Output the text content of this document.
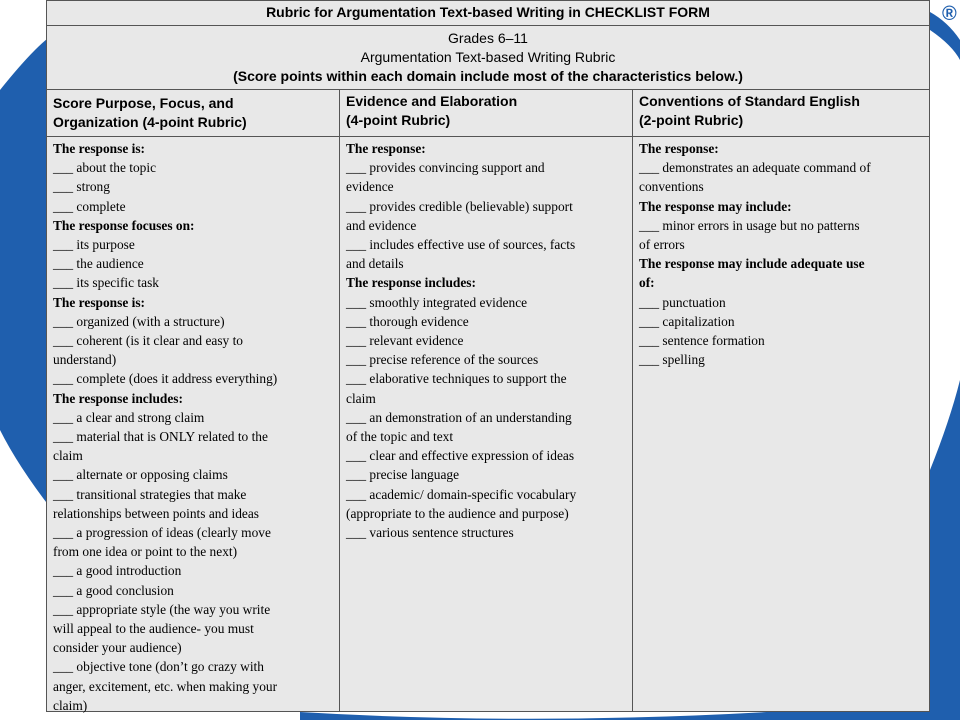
®
Rubric for Argumentation Text-based Writing in CHECKLIST FORM
Grades 6–11
Argumentation Text-based Writing Rubric
(Score points within each domain include most of the characteristics below.)
Score Purpose, Focus, and
Organization (4-point Rubric)
The response is:
___ about the topic
___ strong
___ complete
The response focuses on:
___ its purpose
___ the audience
___ its specific task
The response is:
___ organized (with a structure)
___ coherent (is it clear and easy to
understand)
___ complete (does it address everything)
The response includes:
___ a clear and strong claim
___ material that is ONLY related to the
claim
___ alternate or opposing claims
___ transitional strategies that make
relationships between points and ideas
___ a progression of ideas (clearly move
from one idea or point to the next)
___ a good introduction
___ a good conclusion
___ appropriate style (the way you write
will appeal to the audience- you must
consider your audience)
___ objective tone (don’t go crazy with
anger, excitement, etc. when making your
claim)
Evidence and Elaboration
(4-point Rubric)
The response:
___ provides convincing support and
evidence
___ provides credible (believable) support
and evidence
___ includes effective use of sources, facts
and details
The response includes:
___ smoothly integrated evidence
___ thorough evidence
___ relevant evidence
___ precise reference of the sources
___ elaborative techniques to support the
claim
___ an demonstration of an understanding
of the topic and text
___ clear and effective expression of ideas
___ precise language
___ academic/ domain-specific vocabulary
(appropriate to the audience and purpose)
___ various sentence structures
Conventions of Standard English
(2-point Rubric)
The response:
___ demonstrates an adequate command of
conventions
The response may include:
___ minor errors in usage but no patterns
of errors
The response may include adequate use
of:
___ punctuation
___ capitalization
___ sentence formation
___ spelling
